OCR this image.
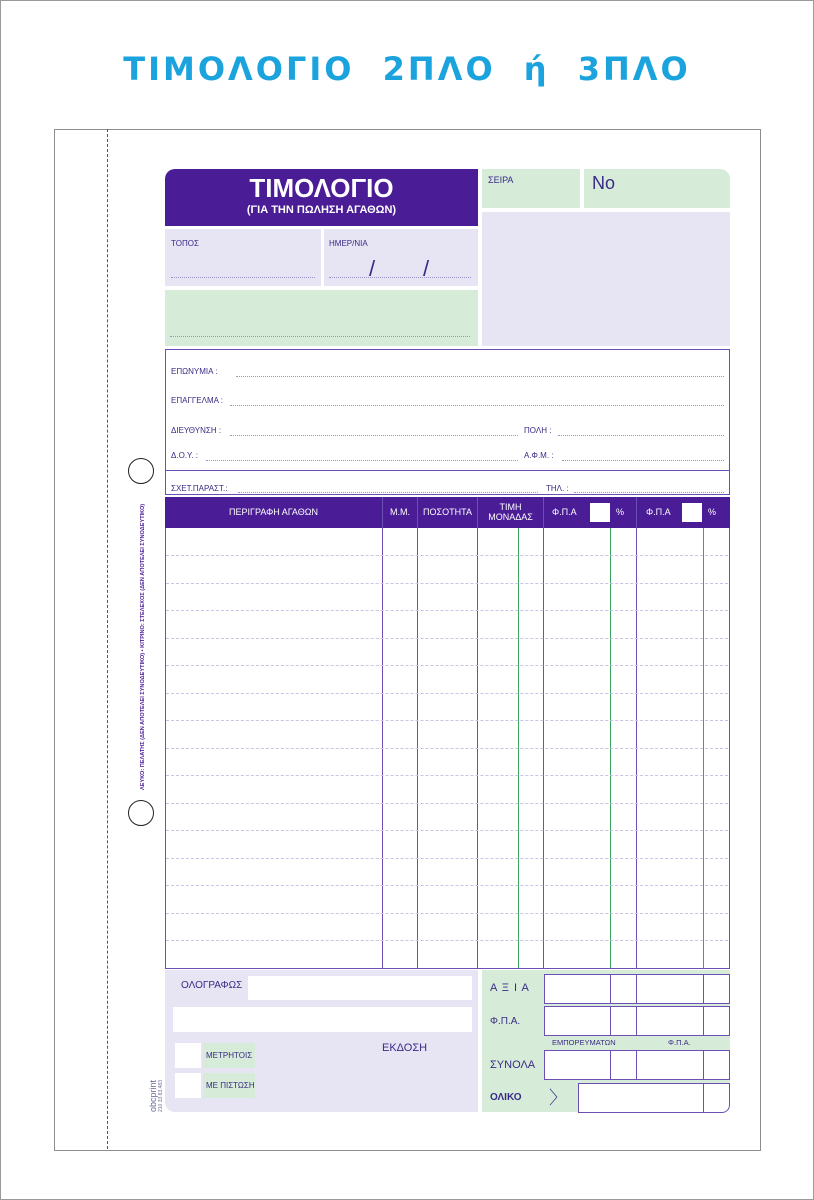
ΤΙΜΟΛΟΓΙΟ 2ΠΛΟ ή 3ΠΛΟ
ΛΕΥΚΟ: ΠΕΛΑΤΗΣ (ΔΕΝ ΑΠΟΤΕΛΕΙ ΣΥΝΟΔΕΥΤΙΚΟ) • ΚΙΤΡΙΝΟ: ΣΤΕΛΕΧΟΣ (ΔΕΝ ΑΠΟΤΕΛΕΙ ΣΥΝΟΔΕΥΤΙΚΟ)
obcprint 210 33.83.483
ΤΙΜΟΛΟΓΙΟ
(ΓΙΑ ΤΗΝ ΠΩΛΗΣΗ ΑΓΑΘΩΝ)
ΤΟΠΟΣ	ΗΜΕΡ/ΝΙΑ
/ /
ΣΕΙΡΑ	No
ΕΠΩΝΥΜΙΑ :
ΕΠΑΓΓΕΛΜΑ :
ΔΙΕΥΘΥΝΣΗ :	ΠΟΛΗ :
Δ.Ο.Υ. :	Α.Φ.Μ. :
ΣΧΕΤ.ΠΑΡΑΣΤ.:	ΤΗΛ. :
ΠΕΡΙΓΡΑΦΗ ΑΓΑΘΩΝ	Μ.Μ.	ΠΟΣΟΤΗΤΑ	ΤΙΜΗ ΜΟΝΑΔΑΣ	Φ.Π.Α	%	Φ.Π.Α	%
ΟΛΟΓΡΑΦΩΣ
ΕΚΔΟΣΗ
ΜΕΤΡΗΤΟΙΣ
ΜΕ ΠΙΣΤΩΣΗ
Α Ξ Ι Α
Φ.Π.Α.
ΕΜΠΟΡΕΥΜΑΤΩΝ	Φ.Π.Α.
ΣΥΝΟΛΑ
ΟΛΙΚΟ 〉
